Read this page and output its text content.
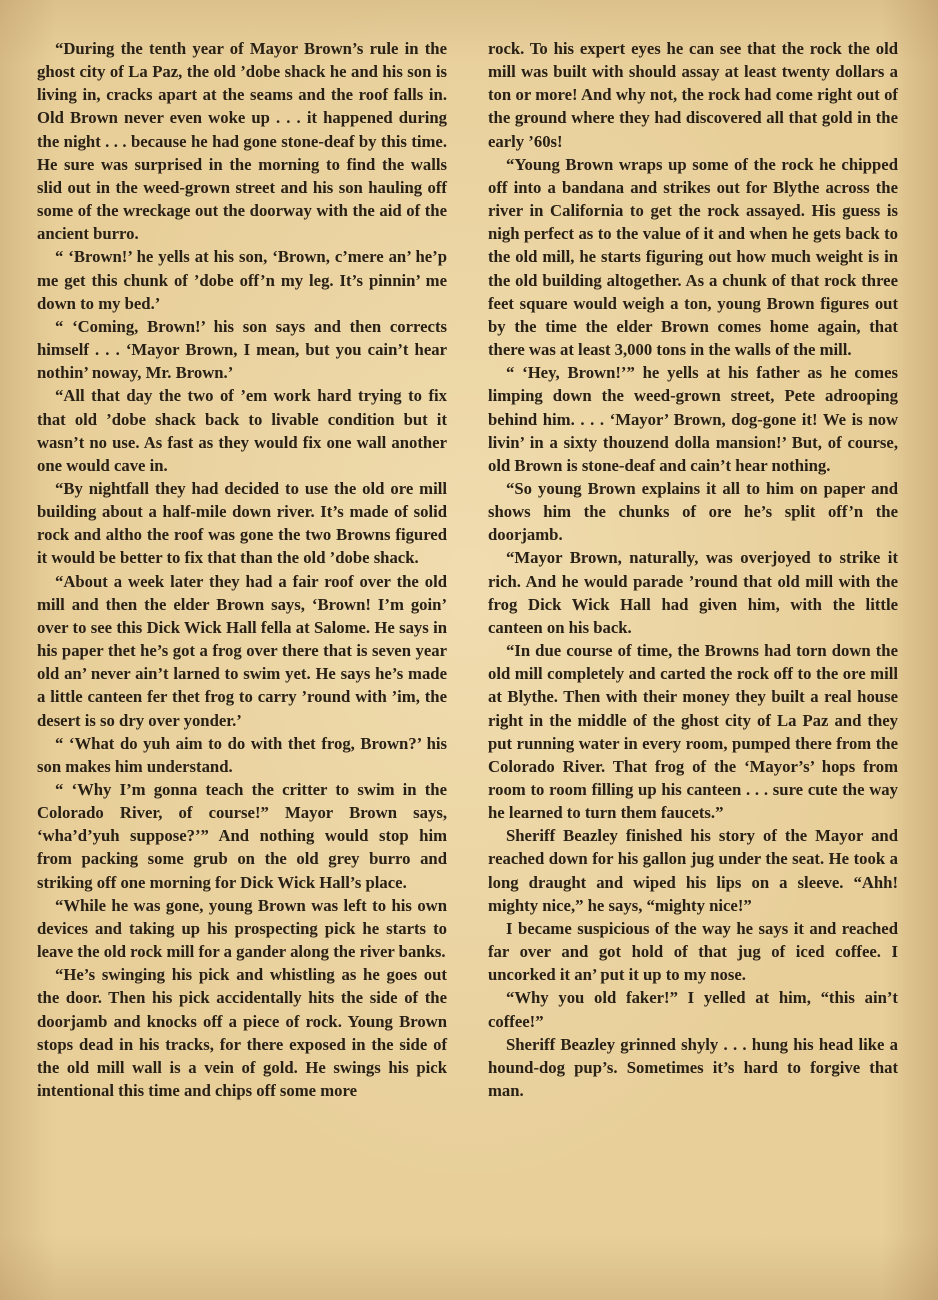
“During the tenth year of Mayor Brown’s rule in the ghost city of La Paz, the old ’dobe shack he and his son is living in, cracks apart at the seams and the roof falls in. Old Brown never even woke up . . . it happened during the night . . . because he had gone stone-deaf by this time. He sure was surprised in the morning to find the walls slid out in the weed-grown street and his son hauling off some of the wreckage out the doorway with the aid of the ancient burro.

“ ‘Brown!’ he yells at his son, ‘Brown, c’mere an’ he’p me get this chunk of ’dobe off’n my leg. It’s pinnin’ me down to my bed.’

“ ‘Coming, Brown!’ his son says and then corrects himself . . . ‘Mayor Brown, I mean, but you cain’t hear nothin’ noway, Mr. Brown.’

“All that day the two of ’em work hard trying to fix that old ’dobe shack back to livable condition but it wasn’t no use. As fast as they would fix one wall another one would cave in.

“By nightfall they had decided to use the old ore mill building about a half-mile down river. It’s made of solid rock and altho the roof was gone the two Browns figured it would be better to fix that than the old ’dobe shack.

“About a week later they had a fair roof over the old mill and then the elder Brown says, ‘Brown! I’m goin’ over to see this Dick Wick Hall fella at Salome. He says in his paper thet he’s got a frog over there that is seven year old an’ never ain’t larned to swim yet. He says he’s made a little canteen fer thet frog to carry ’round with ’im, the desert is so dry over yonder.’

“ ‘What do yuh aim to do with thet frog, Brown?’ his son makes him understand.

“ ‘Why I’m gonna teach the critter to swim in the Colorado River, of course!” Mayor Brown says, ‘wha’d’yuh suppose?’” And nothing would stop him from packing some grub on the old grey burro and striking off one morning for Dick Wick Hall’s place.

“While he was gone, young Brown was left to his own devices and taking up his prospecting pick he starts to leave the old rock mill for a gander along the river banks.

“He’s swinging his pick and whistling as he goes out the door. Then his pick accidentally hits the side of the doorjamb and knocks off a piece of rock. Young Brown stops dead in his tracks, for there exposed in the side of the old mill wall is a vein of gold. He swings his pick intentional this time and chips off some more

rock. To his expert eyes he can see that the rock the old mill was built with should assay at least twenty dollars a ton or more! And why not, the rock had come right out of the ground where they had discovered all that gold in the early ’60s!

“Young Brown wraps up some of the rock he chipped off into a bandana and strikes out for Blythe across the river in California to get the rock assayed. His guess is nigh perfect as to the value of it and when he gets back to the old mill, he starts figuring out how much weight is in the old building altogether. As a chunk of that rock three feet square would weigh a ton, young Brown figures out by the time the elder Brown comes home again, that there was at least 3,000 tons in the walls of the mill.

“ ‘Hey, Brown!’” he yells at his father as he comes limping down the weed-grown street, Pete adrooping behind him. . . . ‘Mayor’ Brown, dog-gone it! We is now livin’ in a sixty thouzend dolla mansion!’ But, of course, old Brown is stone-deaf and cain’t hear nothing.

“So young Brown explains it all to him on paper and shows him the chunks of ore he’s split off’n the doorjamb.

“Mayor Brown, naturally, was overjoyed to strike it rich. And he would parade ’round that old mill with the frog Dick Wick Hall had given him, with the little canteen on his back.

“In due course of time, the Browns had torn down the old mill completely and carted the rock off to the ore mill at Blythe. Then with their money they built a real house right in the middle of the ghost city of La Paz and they put running water in every room, pumped there from the Colorado River. That frog of the ‘Mayor’s’ hops from room to room filling up his canteen . . . sure cute the way he learned to turn them faucets.”

Sheriff Beazley finished his story of the Mayor and reached down for his gallon jug under the seat. He took a long draught and wiped his lips on a sleeve. “Ahh! mighty nice,” he says, “mighty nice!”

I became suspicious of the way he says it and reached far over and got hold of that jug of iced coffee. I uncorked it an’ put it up to my nose.

“Why you old faker!” I yelled at him, “this ain’t coffee!”

Sheriff Beazley grinned shyly . . . hung his head like a hound-dog pup’s. Sometimes it’s hard to forgive that man.
